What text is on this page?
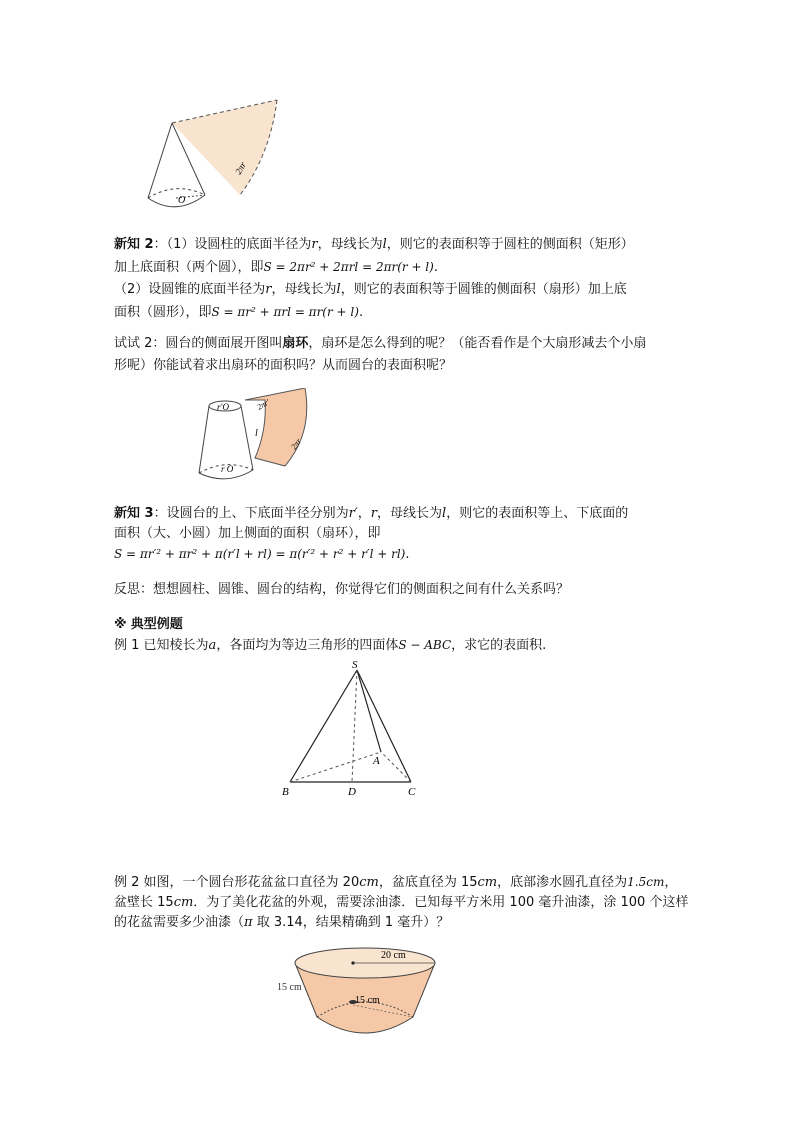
O
2πr
新知 2：（1）设圆柱的底面半径为r，母线长为l，则它的表面积等于圆柱的侧面积（矩形）
加上底面积（两个圆），即S = 2πr² + 2πrl = 2πr(r + l).
（2）设圆锥的底面半径为r，母线长为l，则它的表面积等于圆锥的侧面积（扇形）加上底
面积（圆形），即S = πr² + πrl = πr(r + l).
试试 2：圆台的侧面展开图叫扇环，扇环是怎么得到的呢？（能否看作是个大扇形减去个小扇
形呢）你能试着求出扇环的面积吗？从而圆台的表面积呢？
r′O
r O
l
2πr′
2πr
新知 3：设圆台的上、下底面半径分别为r′，r，母线长为l，则它的表面积等上、下底面的
面积（大、小圆）加上侧面的面积（扇环），即
S = πr′² + πr² + π(r′l + rl) = π(r′² + r² + r′l + rl).
反思：想想圆柱、圆锥、圆台的结构，你觉得它们的侧面积之间有什么关系吗？
※ 典型例题
例 1 已知棱长为a，各面均为等边三角形的四面体S − ABC，求它的表面积.
S
A
B	C
D
例 2 如图，一个圆台形花盆盆口直径为 20cm，盆底直径为 15cm，底部渗水圆孔直径为1.5cm，
盆壁长 15cm．为了美化花盆的外观，需要涂油漆．已知每平方米用 100 毫升油漆，涂 100 个这样
的花盆需要多少油漆（π 取 3.14，结果精确到 1 毫升）？
20 cm
15 cm
15 cm
